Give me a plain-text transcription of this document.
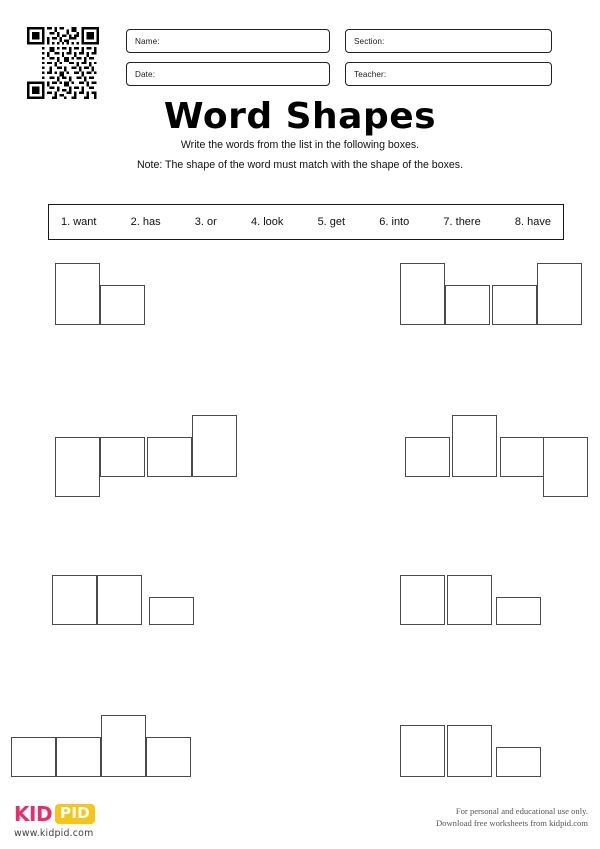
Name:	Section:
Date:	Teacher:
Word Shapes
Write the words from the list in the following boxes.
Note: The shape of the word must match with the shape of the boxes.
1. want	2. has	3. or	4. look	5. get	6. into	7. there	8. have
KID PID
www.kidpid.com
For personal and educational use only.
Download free worksheets from kidpid.com
